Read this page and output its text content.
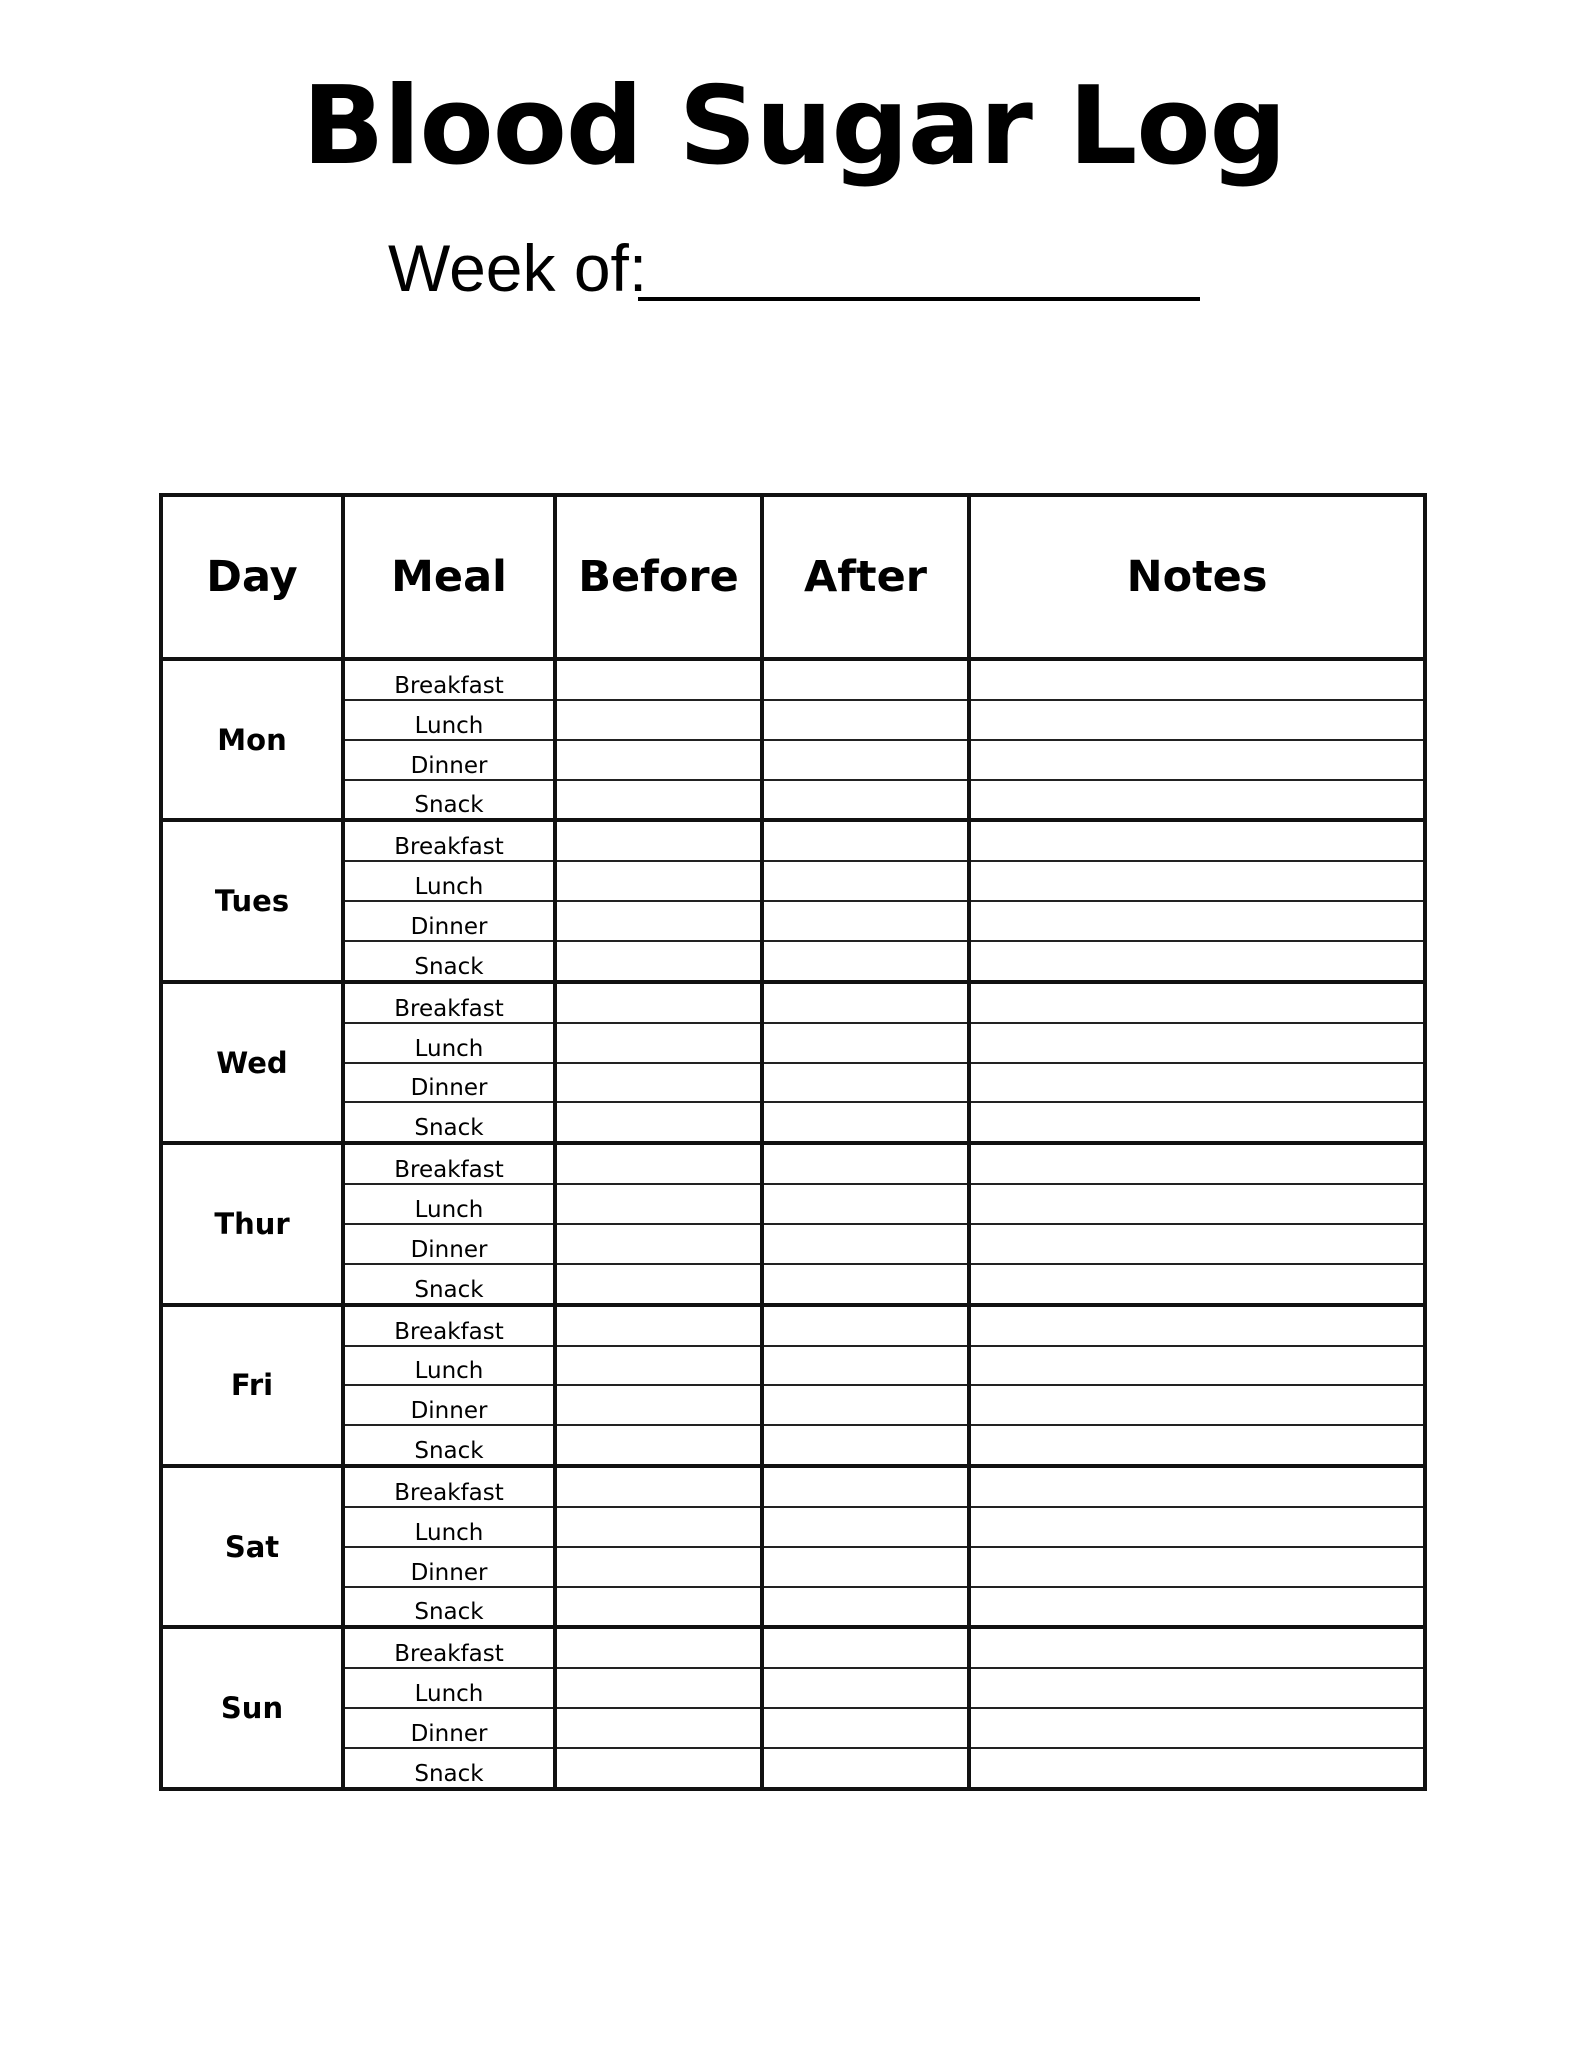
Blood Sugar Log
Week of:
Day	Meal	Before	After	Notes
Mon	Breakfast			
	Lunch			
	Dinner			
	Snack			
Tues	Breakfast			
	Lunch			
	Dinner			
	Snack			
Wed	Breakfast			
	Lunch			
	Dinner			
	Snack			
Thur	Breakfast			
	Lunch			
	Dinner			
	Snack			
Fri	Breakfast			
	Lunch			
	Dinner			
	Snack			
Sat	Breakfast			
	Lunch			
	Dinner			
	Snack			
Sun	Breakfast			
	Lunch			
	Dinner			
	Snack			
